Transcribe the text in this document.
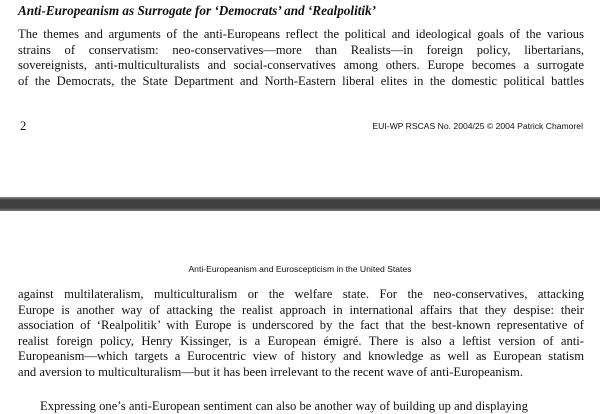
Anti-Europeanism as Surrogate for ‘Democrats’ and ‘Realpolitik’

The themes and arguments of the anti-Europeans reflect the political and ideological goals of the various
strains of conservatism: neo-conservatives—more than Realists—in foreign policy, libertarians,
sovereignists, anti-multiculturalists and social-conservatives among others. Europe becomes a surrogate
of the Democrats, the State Department and North-Eastern liberal elites in the domestic political battles

2	EUI-WP RSCAS No. 2004/25 © 2004 Patrick Chamorel
Anti-Europeanism and Euroscepticism in the United States

against multilateralism, multiculturalism or the welfare state. For the neo-conservatives, attacking
Europe is another way of attacking the realist approach in international affairs that they despise: their
association of ‘Realpolitik’ with Europe is underscored by the fact that the best-known representative of
realist foreign policy, Henry Kissinger, is a European émigré. There is also a leftist version of anti-
Europeanism—which targets a Eurocentric view of history and knowledge as well as European statism
and aversion to multiculturalism—but it has been irrelevant to the recent wave of anti-Europeanism.

Expressing one’s anti-European sentiment can also be another way of building up and displaying
